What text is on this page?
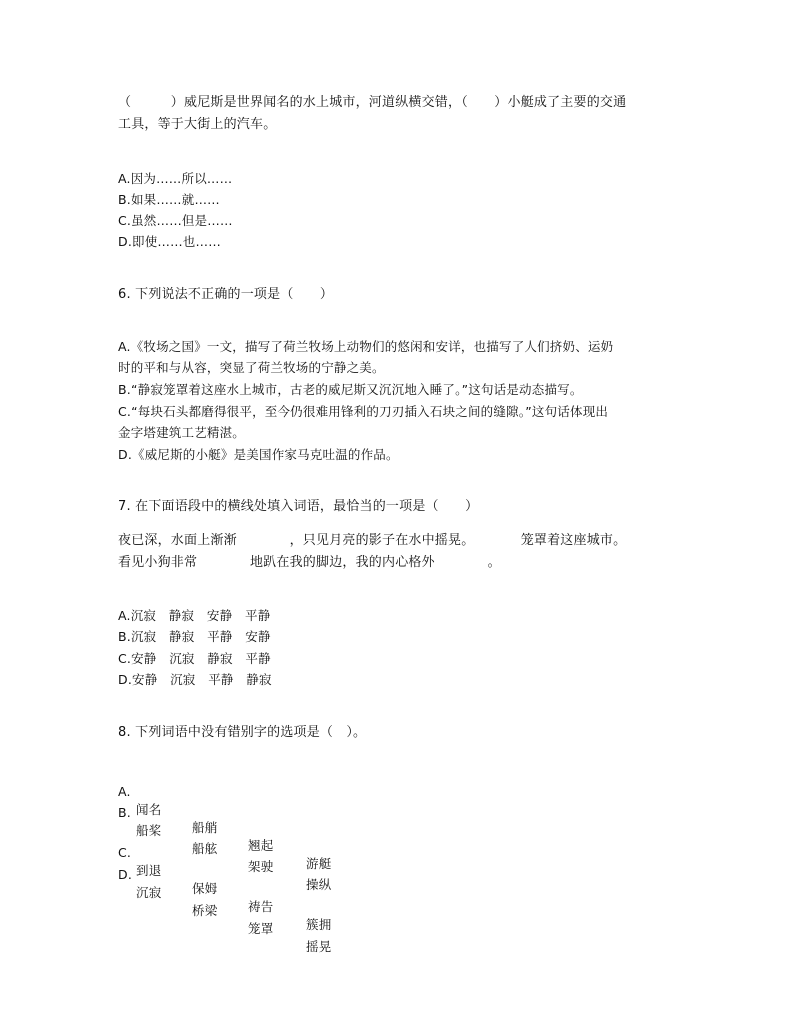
（　　　）威尼斯是世界闻名的水上城市，河道纵横交错，（　　）小艇成了主要的交通
工具，等于大街上的汽车。
A.因为……所以……
B.如果……就……
C.虽然……但是……
D.即使……也……
6. 下列说法不正确的一项是（　　）
A.《牧场之国》一文，描写了荷兰牧场上动物们的悠闲和安详，也描写了人们挤奶、运奶
时的平和与从容，突显了荷兰牧场的宁静之美。
B.“静寂笼罩着这座水上城市，古老的威尼斯又沉沉地入睡了。”这句话是动态描写。
C.“每块石头都磨得很平，至今仍很难用锋利的刀刃插入石块之间的缝隙。”这句话体现出
金字塔建筑工艺精湛。
D.《威尼斯的小艇》是美国作家马克吐温的作品。
7. 在下面语段中的横线处填入词语，最恰当的一项是（　　）
夜已深，水面上渐渐　　　　，只见月亮的影子在水中摇晃。　　　　笼罩着这座城市。
看见小狗非常　　　　地趴在我的脚边，我的内心格外　　　　。
A.沉寂　静寂　安静　平静
B.沉寂　静寂　平静　安静
C.安静　沉寂　静寂　平静
D.安静　沉寂　平静　静寂
8. 下列词语中没有错别字的选项是（　）。

A.

闻名

船艄

翘起

游艇

B.

船桨

船舷

架驶

操纵

C.

到退

保姆

祷告

簇拥

D.

沉寂

桥梁

笼罩

摇晃
